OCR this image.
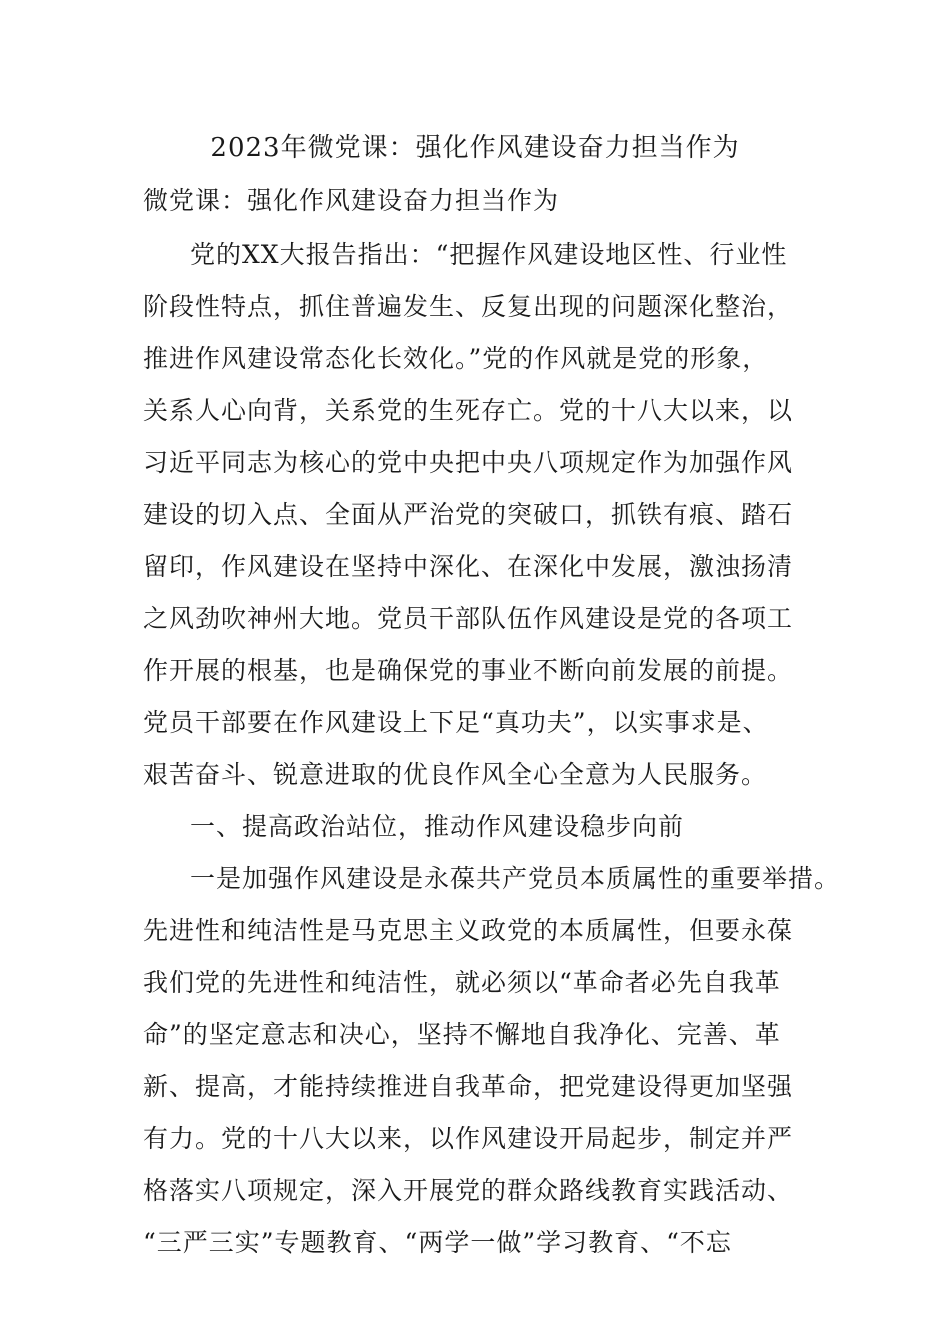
2023年微党课：强化作风建设奋力担当作为
微党课：强化作风建设奋力担当作为
党的XX大报告指出：“把握作风建设地区性、行业性
阶段性特点，抓住普遍发生、反复出现的问题深化整治，
推进作风建设常态化长效化。”党的作风就是党的形象，
关系人心向背，关系党的生死存亡。党的十八大以来，以
习近平同志为核心的党中央把中央八项规定作为加强作风
建设的切入点、全面从严治党的突破口，抓铁有痕、踏石
留印，作风建设在坚持中深化、在深化中发展，激浊扬清
之风劲吹神州大地。党员干部队伍作风建设是党的各项工
作开展的根基，也是确保党的事业不断向前发展的前提。
党员干部要在作风建设上下足“真功夫”，以实事求是、
艰苦奋斗、锐意进取的优良作风全心全意为人民服务。
一、提高政治站位，推动作风建设稳步向前
一是加强作风建设是永葆共产党员本质属性的重要举措。
先进性和纯洁性是马克思主义政党的本质属性，但要永葆
我们党的先进性和纯洁性，就必须以“革命者必先自我革
命”的坚定意志和决心，坚持不懈地自我净化、完善、革
新、提高，才能持续推进自我革命，把党建设得更加坚强
有力。党的十八大以来，以作风建设开局起步，制定并严
格落实八项规定，深入开展党的群众路线教育实践活动、
“三严三实”专题教育、“两学一做”学习教育、“不忘
